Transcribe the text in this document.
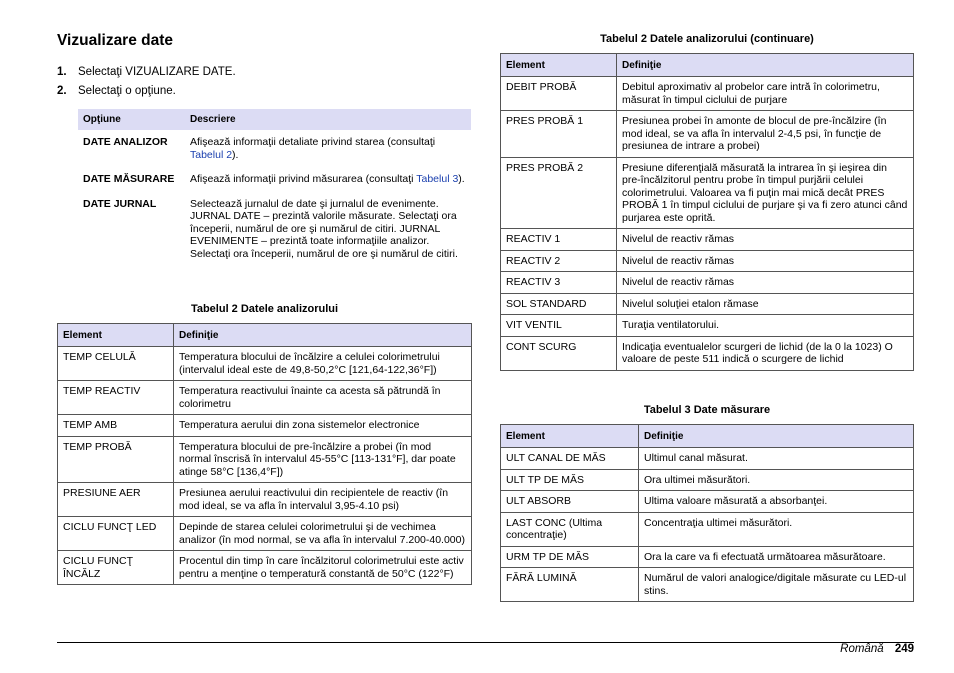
Vizualizare date
1. Selectaţi VIZUALIZARE DATE.
2. Selectaţi o opţiune.
Opţiune	Descriere
DATE ANALIZOR	Afişează informaţii detaliate privind starea (consultaţi Tabelul 2).
DATE MĂSURARE	Afişează informaţii privind măsurarea (consultaţi Tabelul 3).
DATE JURNAL	Selectează jurnalul de date şi jurnalul de evenimente. JURNAL DATE – prezintă valorile măsurate. Selectaţi ora începerii, numărul de ore şi numărul de citiri. JURNAL EVENIMENTE – prezintă toate informaţiile analizor. Selectaţi ora începerii, numărul de ore şi numărul de citiri.
Tabelul 2 Datele analizorului
Element	Definiţie
TEMP CELULĂ	Temperatura blocului de încălzire a celulei colorimetrului (intervalul ideal este de 49,8-50,2°C [121,64-122,36°F])
TEMP REACTIV	Temperatura reactivului înainte ca acesta să pătrundă în colorimetru
TEMP AMB	Temperatura aerului din zona sistemelor electronice
TEMP PROBĂ	Temperatura blocului de pre-încălzire a probei (în mod normal înscrisă în intervalul 45-55°C [113-131°F], dar poate atinge 58°C [136,4°F])
PRESIUNE AER	Presiunea aerului reactivului din recipientele de reactiv (în mod ideal, se va afla în intervalul 3,95-4.10 psi)
CICLU FUNCŢ LED	Depinde de starea celulei colorimetrului şi de vechimea analizor (în mod normal, se va afla în intervalul 7.200-40.000)
CICLU FUNCŢ ÎNCĂLZ	Procentul din timp în care încălzitorul colorimetrului este activ pentru a menţine o temperatură constantă de 50°C (122°F)
Tabelul 2 Datele analizorului (continuare)
Element	Definiţie
DEBIT PROBĂ	Debitul aproximativ al probelor care intră în colorimetru, măsurat în timpul ciclului de purjare
PRES PROBĂ 1	Presiunea probei în amonte de blocul de pre-încălzire (în mod ideal, se va afla în intervalul 2-4,5 psi, în funcţie de presiunea de intrare a probei)
PRES PROBĂ 2	Presiune diferenţială măsurată la intrarea în şi ieşirea din pre-încălzitorul pentru probe în timpul purjării celulei colorimetrului. Valoarea va fi puţin mai mică decât PRES PROBĂ 1 în timpul ciclului de purjare şi va fi zero atunci când purjarea este oprită.
REACTIV 1	Nivelul de reactiv rămas
REACTIV 2	Nivelul de reactiv rămas
REACTIV 3	Nivelul de reactiv rămas
SOL STANDARD	Nivelul soluţiei etalon rămase
VIT VENTIL	Turaţia ventilatorului.
CONT SCURG	Indicaţia eventualelor scurgeri de lichid (de la 0 la 1023) O valoare de peste 511 indică o scurgere de lichid
Tabelul 3 Date măsurare
Element	Definiţie
ULT CANAL DE MĂS	Ultimul canal măsurat.
ULT TP DE MĂS	Ora ultimei măsurători.
ULT ABSORB	Ultima valoare măsurată a absorbanţei.
LAST CONC (Ultima concentraţie)	Concentraţia ultimei măsurători.
URM TP DE MĂS	Ora la care va fi efectuată următoarea măsurătoare.
FĂRĂ LUMINĂ	Numărul de valori analogice/digitale măsurate cu LED-ul stins.
Română 249
